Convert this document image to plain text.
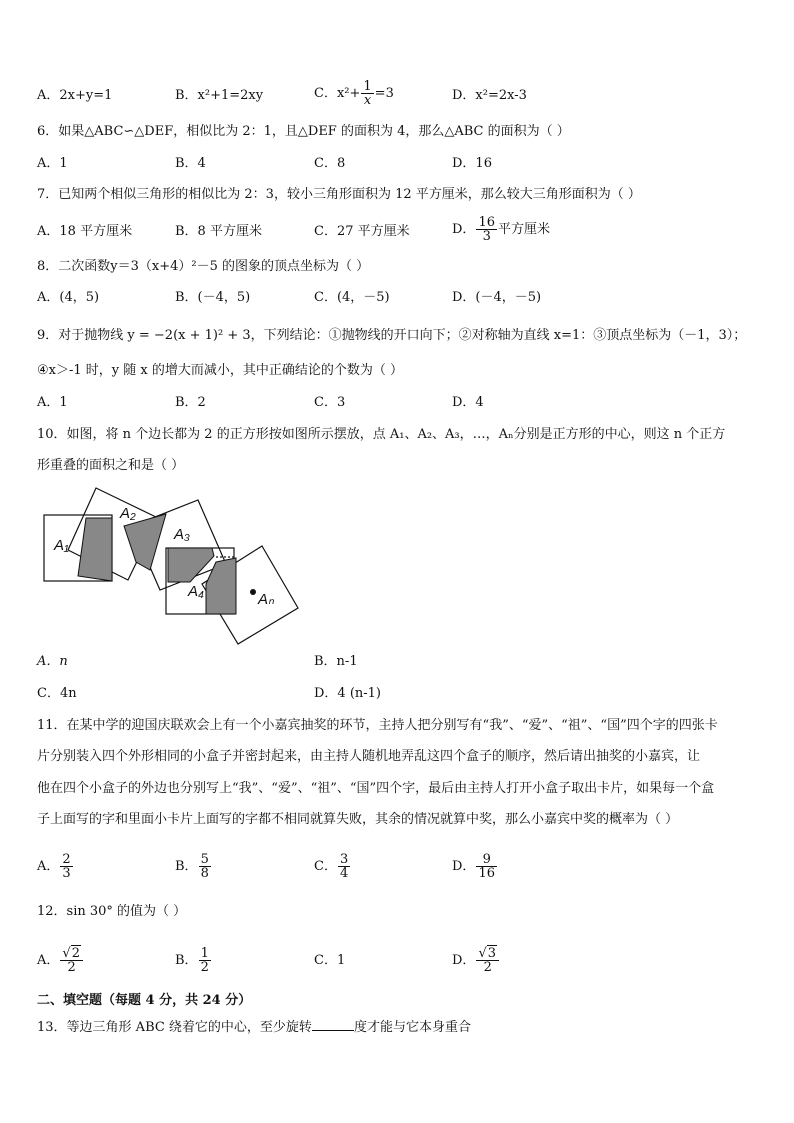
A．2x+y=1	B．x²+1=2xy	C．$x^2+ \frac{1}{x} =3$	D．x²=2x-3
6．如果△ABC∽△DEF，相似比为 2：1，且△DEF 的面积为 4，那么△ABC 的面积为（ ）
A．1	B．4	C．8	D．16
7．已知两个相似三角形的相似比为 2：3，较小三角形面积为 12 平方厘米，那么较大三角形面积为（ ）
A．18 平方厘米	B．8 平方厘米	C．27 平方厘米	D． $\frac{16}{3}$ 平方厘米
8．二次函数y＝3（x+4）²－5 的图象的顶点坐标为（ ）
A．(4，5)	B．(－4，5)	C．(4，－5)	D．(－4，－5)
9．对于抛物线 y = −2(x + 1)² + 3，下列结论：①抛物线的开口向下；②对称轴为直线 x=1：③顶点坐标为（－1，3）；
④x＞-1 时，y 随 x 的增大而减小，其中正确结论的个数为（ ）
A．1	B．2	C．3	D．4
10．如图，将 n 个边长都为 2 的正方形按如图所示摆放，点 A₁、A₂、A₃，…，Aₙ分别是正方形的中心，则这 n 个正方
形重叠的面积之和是（ ）
A₁
A₂
A₃
A₄	Aₙ
A．n	B．n-1
C．4n	D．4 (n-1)
11．在某中学的迎国庆联欢会上有一个小嘉宾抽奖的环节，主持人把分别写有“我”、“爱”、“祖”、“国”四个字的四张卡
片分别装入四个外形相同的小盒子并密封起来，由主持人随机地弄乱这四个盒子的顺序，然后请出抽奖的小嘉宾，让
他在四个小盒子的外边也分别写上“我”、“爱”、“祖”、“国”四个字，最后由主持人打开小盒子取出卡片，如果每一个盒
子上面写的字和里面小卡片上面写的字都不相同就算失败，其余的情况就算中奖，那么小嘉宾中奖的概率为（ ）
A． $\frac{2}{3}$	B． $\frac{5}{8}$	C． $\frac{3}{4}$	D． $\frac{9}{16}$
12．sin 30° 的值为（ ）
A． $\frac{√2}{2}$	B． $\frac{1}{2}$	C．1	D． $\frac{√3}{2}$
二、填空题（每题 4 分，共 24 分）
13．等边三角形 ABC 绕着它的中心，至少旋转	度才能与它本身重合
